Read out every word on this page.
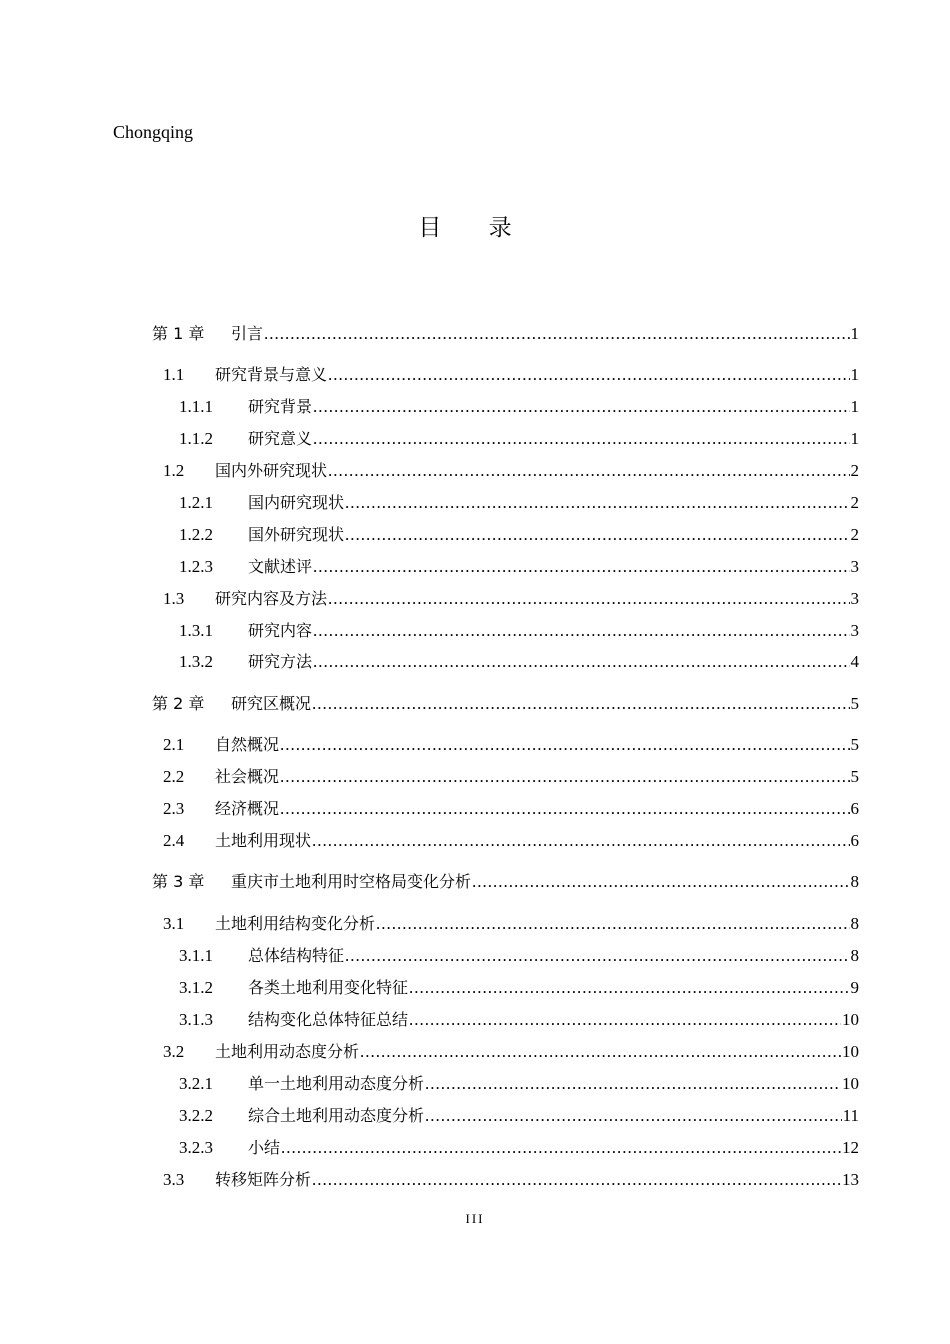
Chongqing
目 录
第 1 章	引言 .....	1
1.1	研究背景与意义 .....	1
1.1.1	研究背景 .....	1
1.1.2	研究意义 .....	1
1.2	国内外研究现状 .....	2
1.2.1	国内研究现状 .....	2
1.2.2	国外研究现状 .....	2
1.2.3	文献述评 .....	3
1.3	研究内容及方法 .....	3
1.3.1	研究内容 .....	3
1.3.2	研究方法 .....	4
第 2 章	研究区概况 .....	5
2.1	自然概况 .....	5
2.2	社会概况 .....	5
2.3	经济概况 .....	6
2.4	土地利用现状 .....	6
第 3 章	重庆市土地利用时空格局变化分析 .....	8
3.1	土地利用结构变化分析 .....	8
3.1.1	总体结构特征 .....	8
3.1.2	各类土地利用变化特征 .....	9
3.1.3	结构变化总体特征总结 .....	10
3.2	土地利用动态度分析 .....	10
3.2.1	单一土地利用动态度分析 .....	10
3.2.2	综合土地利用动态度分析 .....	11
3.2.3	小结 .....	12
3.3	转移矩阵分析 .....	13
III
